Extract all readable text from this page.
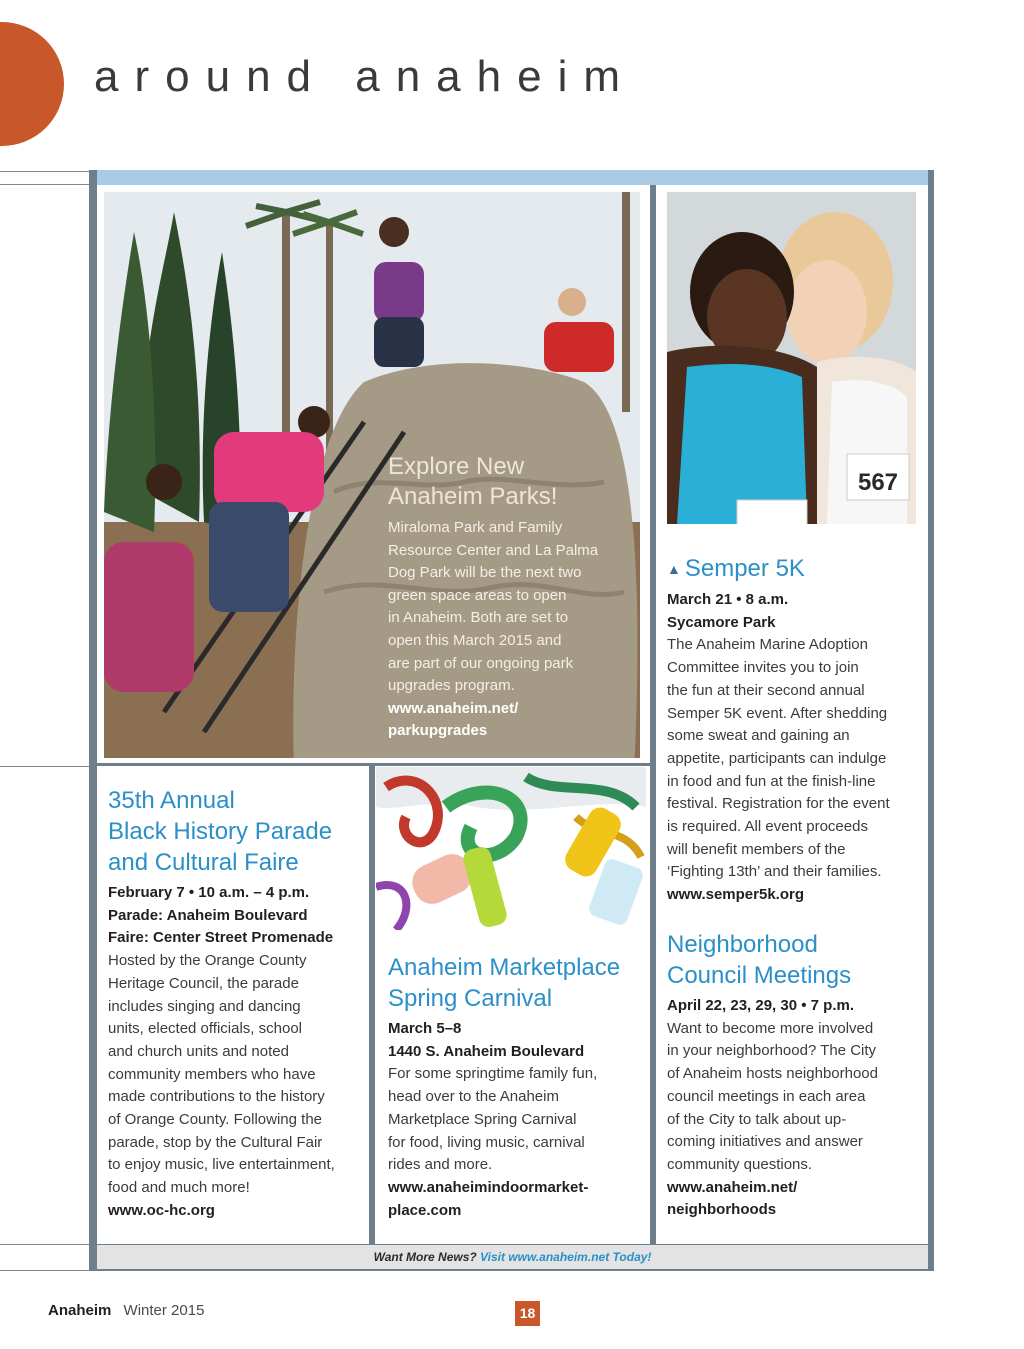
around anaheim
Explore New
Anaheim Parks!
Miraloma Park and Family
Resource Center and La Palma
Dog Park will be the next two
green space areas to open
in Anaheim. Both are set to
open this March 2015 and
are part of our ongoing park
upgrades program.
www.anaheim.net/
parkupgrades
567
▲ Semper 5K
March 21 • 8 a.m.
Sycamore Park
The Anaheim Marine Adoption
Committee invites you to join
the fun at their second annual
Semper 5K event. After shedding
some sweat and gaining an
appetite, participants can indulge
in food and fun at the finish-line
festival. Registration for the event
is required. All event proceeds
will benefit members of the
‘Fighting 13th’ and their families.
www.semper5k.org
Neighborhood
Council Meetings
April 22, 23, 29, 30 • 7 p.m.
Want to become more involved
in your neighborhood? The City
of Anaheim hosts neighborhood
council meetings in each area
of the City to talk about up-
coming initiatives and answer
community questions.
www.anaheim.net/
neighborhoods
35th Annual
Black History Parade
and Cultural Faire
February 7 • 10 a.m. – 4 p.m.
Parade: Anaheim Boulevard
Faire: Center Street Promenade
Hosted by the Orange County
Heritage Council, the parade
includes singing and dancing
units, elected officials, school
and church units and noted
community members who have
made contributions to the history
of Orange County. Following the
parade, stop by the Cultural Fair
to enjoy music, live entertainment,
food and much more!
www.oc-hc.org
Anaheim Marketplace
Spring Carnival
March 5–8
1440 S. Anaheim Boulevard
For some springtime family fun,
head over to the Anaheim
Marketplace Spring Carnival
for food, living music, carnival
rides and more.
www.anaheimindoormarket-
place.com
Want More News? Visit www.anaheim.net Today!
Anaheim Winter 2015	18
